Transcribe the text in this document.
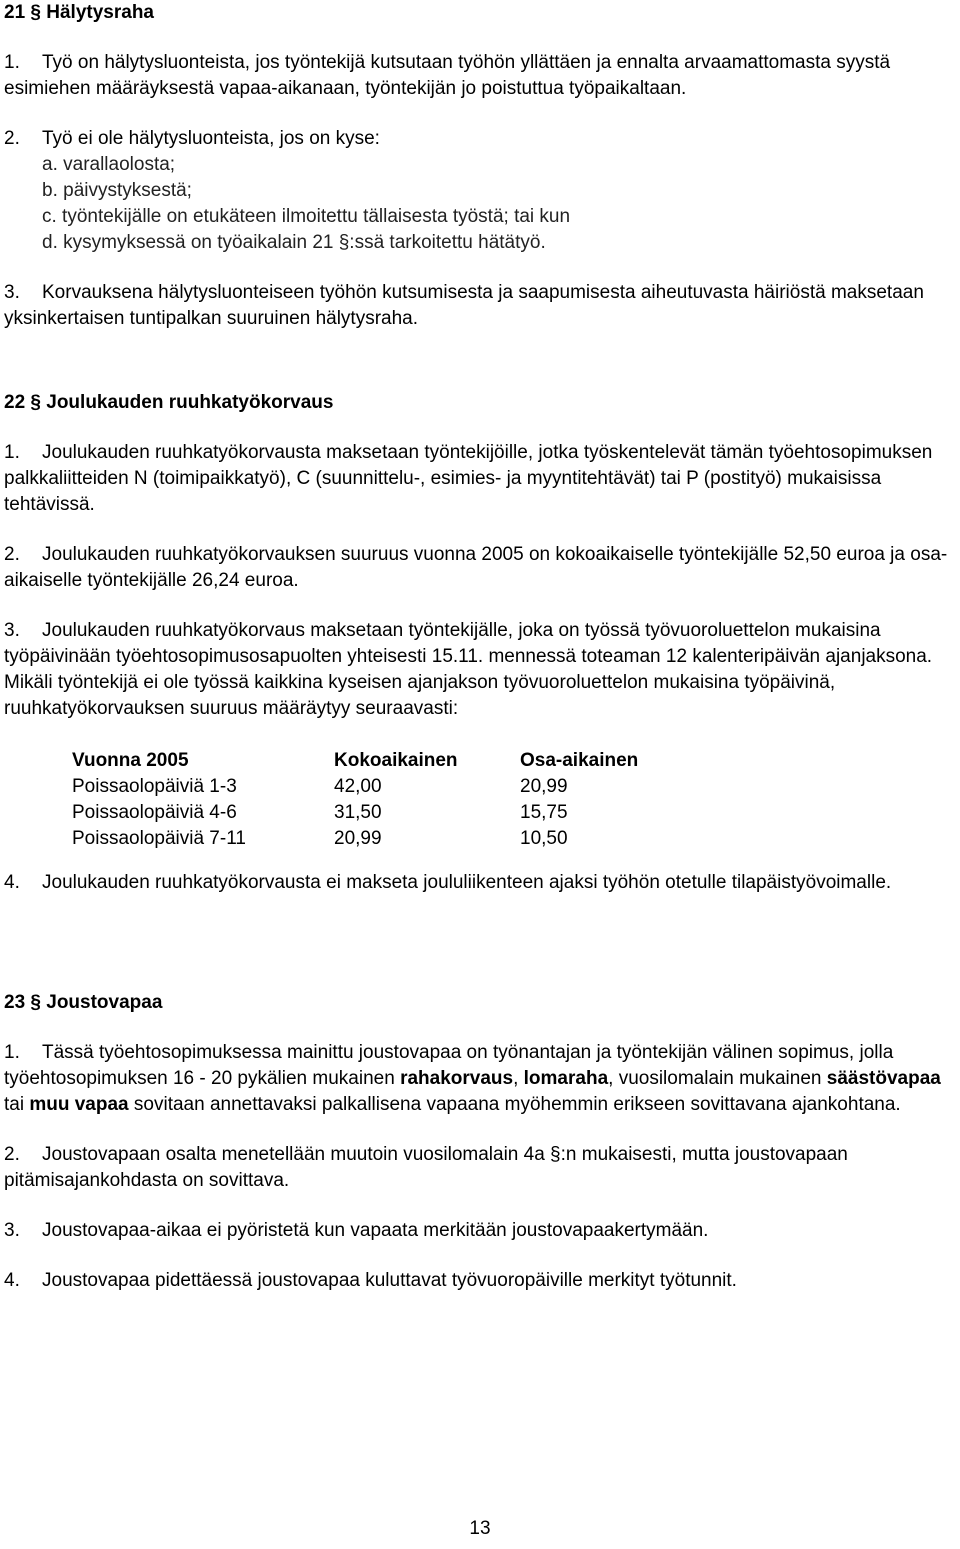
21 § Hälytysraha

1. Työ on hälytysluonteista, jos työntekijä kutsutaan työhön yllättäen ja ennalta arvaamattomasta syystä esimiehen määräyksestä vapaa-aikanaan, työntekijän jo poistuttua työpaikaltaan.

2. Työ ei ole hälytysluonteista, jos on kyse:

a. varallaolosta;

b. päivystyksestä;

c. työntekijälle on etukäteen ilmoitettu tällaisesta työstä; tai kun

d. kysymyksessä on työaikalain 21 §:ssä tarkoitettu hätätyö.

3. Korvauksena hälytysluonteiseen työhön kutsumisesta ja saapumisesta aiheutuvasta häiriöstä maksetaan yksinkertaisen tuntipalkan suuruinen hälytysraha.

22 § Joulukauden ruuhkatyökorvaus

1. Joulukauden ruuhkatyökorvausta maksetaan työntekijöille, jotka työskentelevät tämän työehtosopimuksen palkkaliitteiden N (toimipaikkatyö), C (suunnittelu-, esimies- ja myyntitehtävät) tai P (postityö) mukaisissa tehtävissä.

2. Joulukauden ruuhkatyökorvauksen suuruus vuonna 2005 on kokoaikaiselle työntekijälle 52,50 euroa ja osa-aikaiselle työntekijälle 26,24 euroa.

3. Joulukauden ruuhkatyökorvaus maksetaan työntekijälle, joka on työssä työvuoroluettelon mukaisina työpäivinään työehtosopimusosapuolten yhteisesti 15.11. mennessä toteaman 12 kalenteripäivän ajanjaksona. Mikäli työntekijä ei ole työssä kaikkina kyseisen ajanjakson työvuoroluettelon mukaisina työpäivinä, ruuhkatyökorvauksen suuruus määräytyy seuraavasti:

Vuonna 2005	Kokoaikainen	Osa-aikainen
Poissaolopäiviä 1-3	42,00	20,99
Poissaolopäiviä 4-6	31,50	15,75
Poissaolopäiviä 7-11	20,99	10,50

4. Joulukauden ruuhkatyökorvausta ei makseta joululiikenteen ajaksi työhön otetulle tilapäistyövoimalle.

23 § Joustovapaa

1. Tässä työehtosopimuksessa mainittu joustovapaa on työnantajan ja työntekijän välinen sopimus, jolla työehtosopimuksen 16 - 20 pykälien mukainen rahakorvaus, lomaraha, vuosilomalain mukainen säästövapaa tai muu vapaa sovitaan annettavaksi palkallisena vapaana myöhemmin erikseen sovittavana ajankohtana.

2. Joustovapaan osalta menetellään muutoin vuosilomalain 4a §:n mukaisesti, mutta joustovapaan pitämisajankohdasta on sovittava.

3. Joustovapaa-aikaa ei pyöristetä kun vapaata merkitään joustovapaakertymään.

4. Joustovapaa pidettäessä joustovapaa kuluttavat työvuoropäiville merkityt työtunnit.

13
